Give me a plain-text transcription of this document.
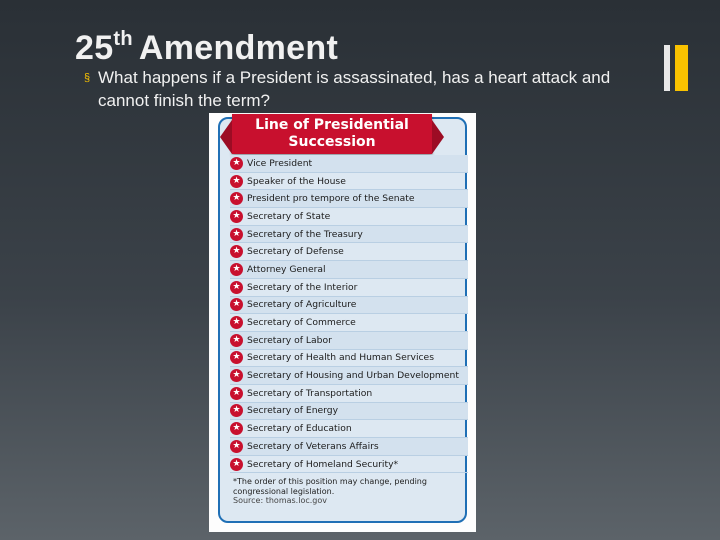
25th Amendment
§ What happens if a President is assassinated, has a heart attack and cannot finish the term?
Line of Presidential
Succession
★ Vice President
★ Speaker of the House
★ President pro tempore of the Senate
★ Secretary of State
★ Secretary of the Treasury
★ Secretary of Defense
★ Attorney General
★ Secretary of the Interior
★ Secretary of Agriculture
★ Secretary of Commerce
★ Secretary of Labor
★ Secretary of Health and Human Services
★ Secretary of Housing and Urban Development
★ Secretary of Transportation
★ Secretary of Energy
★ Secretary of Education
★ Secretary of Veterans Affairs
★ Secretary of Homeland Security*
*The order of this position may change, pending congressional legislation.
Source: thomas.loc.gov
